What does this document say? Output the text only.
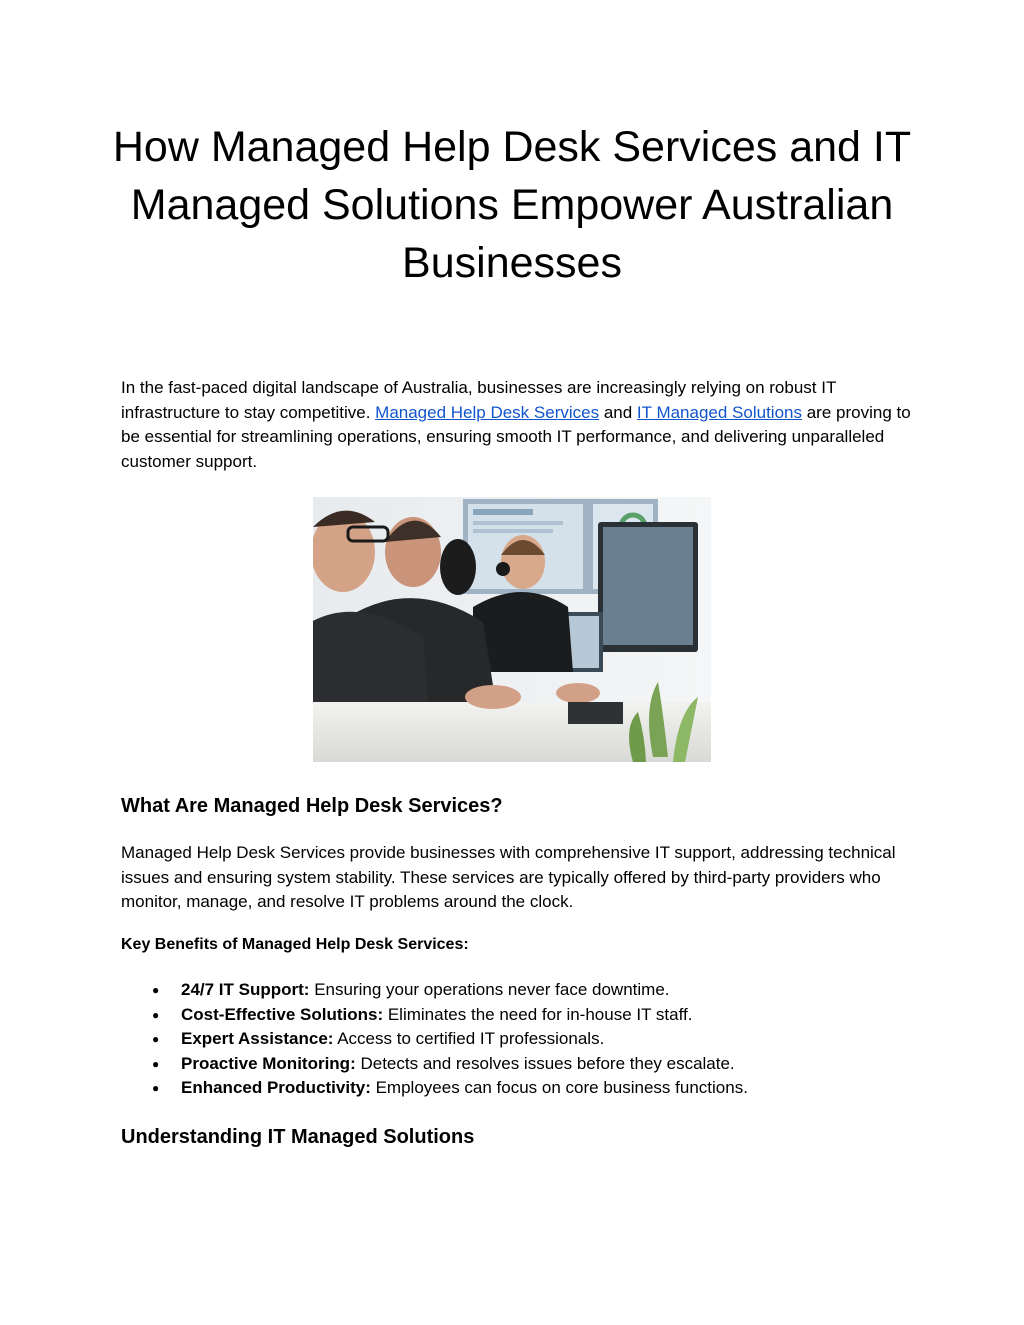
How Managed Help Desk Services and IT Managed Solutions Empower Australian Businesses

In the fast-paced digital landscape of Australia, businesses are increasingly relying on robust IT infrastructure to stay competitive. Managed Help Desk Services and IT Managed Solutions are proving to be essential for streamlining operations, ensuring smooth IT performance, and delivering unparalleled customer support.

What Are Managed Help Desk Services?

Managed Help Desk Services provide businesses with comprehensive IT support, addressing technical issues and ensuring system stability. These services are typically offered by third-party providers who monitor, manage, and resolve IT problems around the clock.

Key Benefits of Managed Help Desk Services:
● 24/7 IT Support: Ensuring your operations never face downtime.
● Cost-Effective Solutions: Eliminates the need for in-house IT staff.
● Expert Assistance: Access to certified IT professionals.
● Proactive Monitoring: Detects and resolves issues before they escalate.
● Enhanced Productivity: Employees can focus on core business functions.
Understanding IT Managed Solutions
